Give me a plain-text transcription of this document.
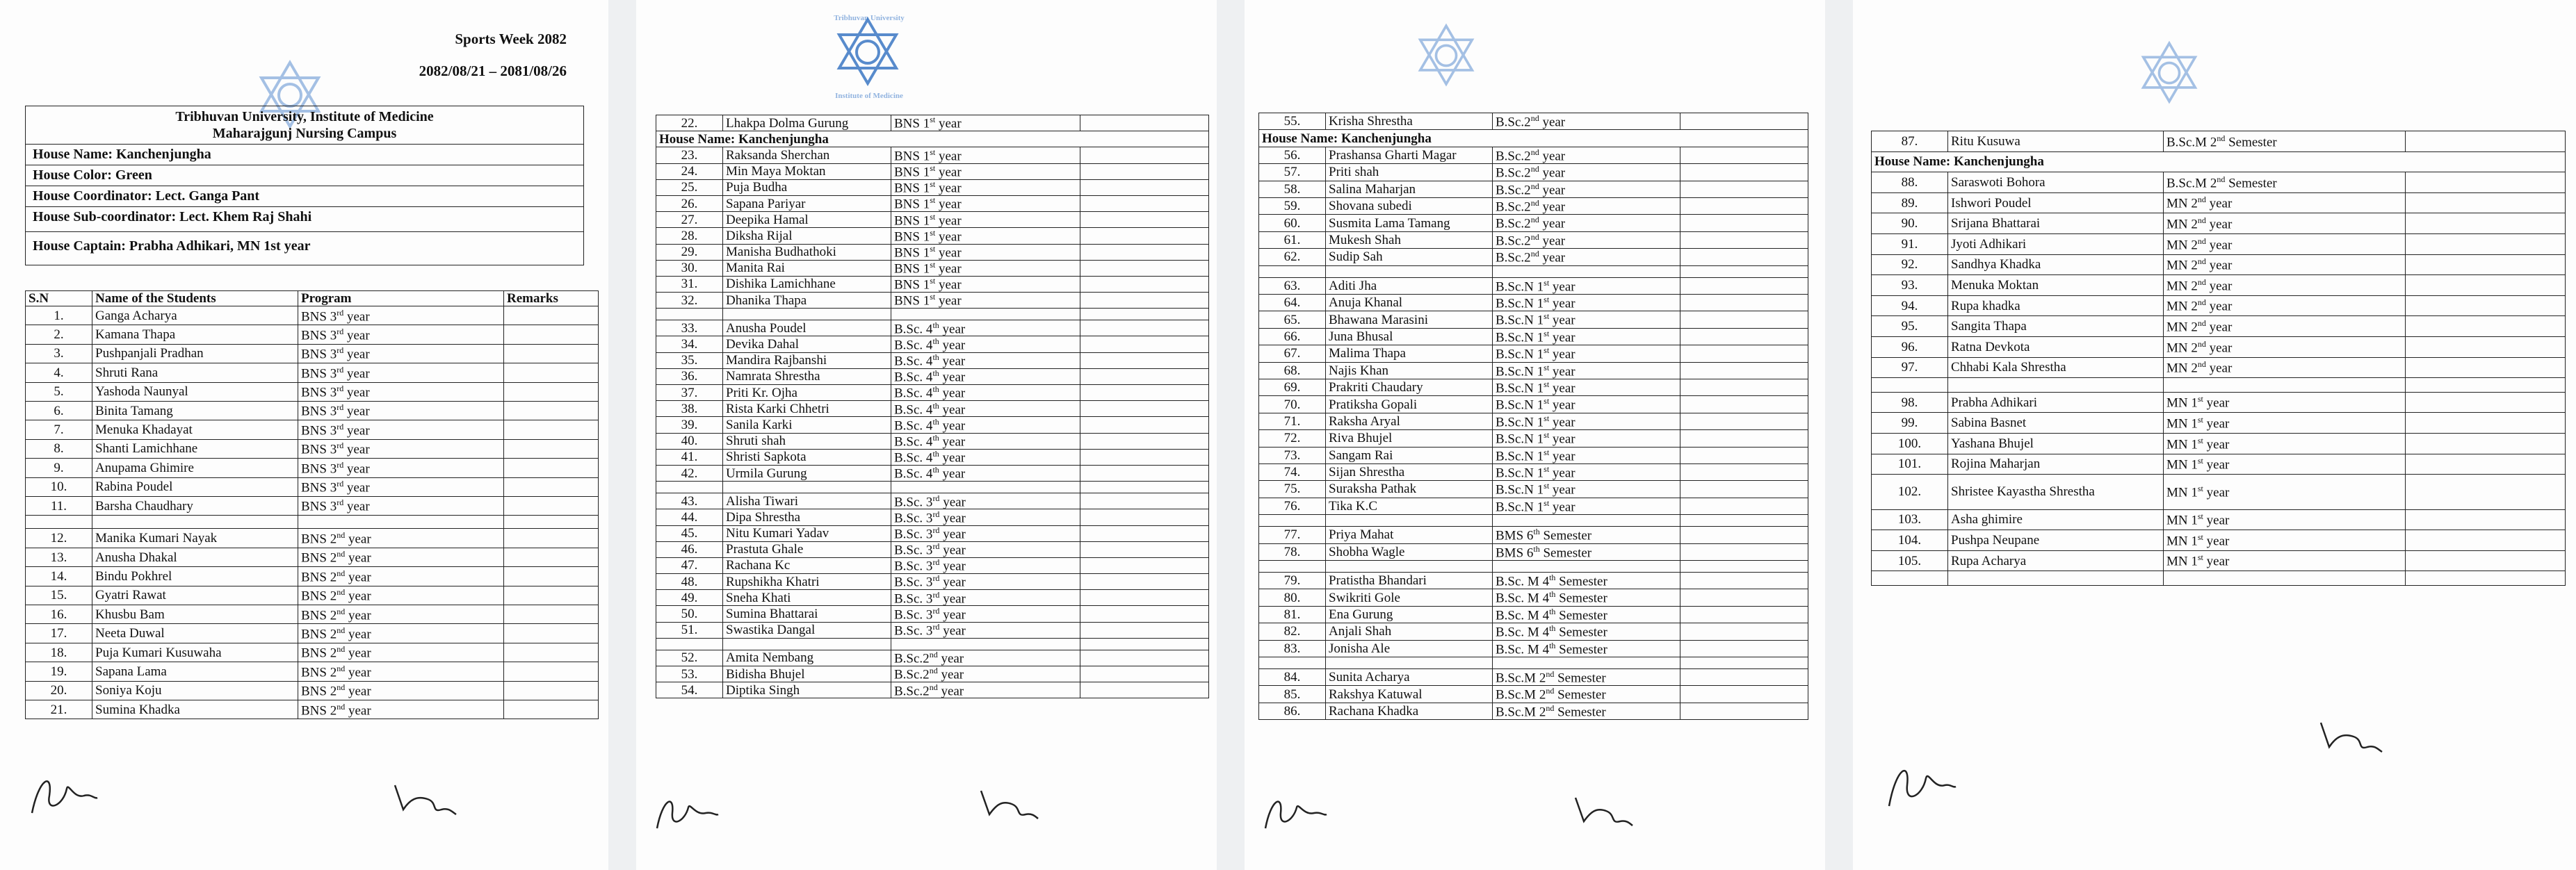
Sports Week 2082
2082/08/21 – 2081/08/26
Tribhuvan University, Institute of Medicine
Maharajgunj Nursing Campus
House Name: Kanchenjungha
House Color: Green
House Coordinator: Lect. Ganga Pant
House Sub-coordinator: Lect. Khem Raj Shahi
House Captain: Prabha Adhikari, MN 1st year
S.N	Name of the Students	Program	Remarks
1.	Ganga Acharya	BNS 3rd year	
2.	Kamana Thapa	BNS 3rd year	
3.	Pushpanjali Pradhan	BNS 3rd year	
4.	Shruti Rana	BNS 3rd year	
5.	Yashoda Naunyal	BNS 3rd year	
6.	Binita Tamang	BNS 3rd year	
7.	Menuka Khadayat	BNS 3rd year	
8.	Shanti Lamichhane	BNS 3rd year	
9.	Anupama Ghimire	BNS 3rd year	
10.	Rabina Poudel	BNS 3rd year	
11.	Barsha Chaudhary	BNS 3rd year	

12.	Manika Kumari Nayak	BNS 2nd year	
13.	Anusha Dhakal	BNS 2nd year	
14.	Bindu Pokhrel	BNS 2nd year	
15.	Gyatri Rawat	BNS 2nd year	
16.	Khusbu Bam	BNS 2nd year	
17.	Neeta Duwal	BNS 2nd year	
18.	Puja Kumari Kusuwaha	BNS 2nd year	
19.	Sapana Lama	BNS 2nd year	
20.	Soniya Koju	BNS 2nd year	
21.	Sumina Khadka	BNS 2nd year	
Tribhuvan University
Institute of Medicine
22.	Lhakpa Dolma Gurung	BNS 1st year	
House Name: Kanchenjungha			
23.	Raksanda Sherchan	BNS 1st year	
24.	Min Maya Moktan	BNS 1st year	
25.	Puja Budha	BNS 1st year	
26.	Sapana Pariyar	BNS 1st year	
27.	Deepika Hamal	BNS 1st year	
28.	Diksha Rijal	BNS 1st year	
29.	Manisha Budhathoki	BNS 1st year	
30.	Manita Rai	BNS 1st year	
31.	Dishika Lamichhane	BNS 1st year	
32.	Dhanika Thapa	BNS 1st year	

33.	Anusha Poudel	B.Sc. 4th year	
34.	Devika Dahal	B.Sc. 4th year	
35.	Mandira Rajbanshi	B.Sc. 4th year	
36.	Namrata Shrestha	B.Sc. 4th year	
37.	Priti Kr. Ojha	B.Sc. 4th year	
38.	Rista Karki Chhetri	B.Sc. 4th year	
39.	Sanila Karki	B.Sc. 4th year	
40.	Shruti shah	B.Sc. 4th year	
41.	Shristi Sapkota	B.Sc. 4th year	
42.	Urmila Gurung	B.Sc. 4th year	

43.	Alisha Tiwari	B.Sc. 3rd year	
44.	Dipa Shrestha	B.Sc. 3rd year	
45.	Nitu Kumari Yadav	B.Sc. 3rd year	
46.	Prastuta Ghale	B.Sc. 3rd year	
47.	Rachana Kc	B.Sc. 3rd year	
48.	Rupshikha Khatri	B.Sc. 3rd year	
49.	Sneha Khati	B.Sc. 3rd year	
50.	Sumina Bhattarai	B.Sc. 3rd year	
51.	Swastika Dangal	B.Sc. 3rd year	

52.	Amita Nembang	B.Sc.2nd year	
53.	Bidisha Bhujel	B.Sc.2nd year	
54.	Diptika Singh	B.Sc.2nd year	
55.	Krisha Shrestha	B.Sc.2nd year	
House Name: Kanchenjungha			
56.	Prashansa Gharti Magar	B.Sc.2nd year	
57.	Priti shah	B.Sc.2nd year	
58.	Salina Maharjan	B.Sc.2nd year	
59.	Shovana subedi	B.Sc.2nd year	
60.	Susmita Lama Tamang	B.Sc.2nd year	
61.	Mukesh Shah	B.Sc.2nd year	
62.	Sudip Sah	B.Sc.2nd year	

63.	Aditi Jha	B.Sc.N 1st year	
64.	Anuja Khanal	B.Sc.N 1st year	
65.	Bhawana Marasini	B.Sc.N 1st year	
66.	Juna Bhusal	B.Sc.N 1st year	
67.	Malima Thapa	B.Sc.N 1st year	
68.	Najis Khan	B.Sc.N 1st year	
69.	Prakriti Chaudary	B.Sc.N 1st year	
70.	Pratiksha Gopali	B.Sc.N 1st year	
71.	Raksha Aryal	B.Sc.N 1st year	
72.	Riva Bhujel	B.Sc.N 1st year	
73.	Sangam Rai	B.Sc.N 1st year	
74.	Sijan Shrestha	B.Sc.N 1st year	
75.	Suraksha Pathak	B.Sc.N 1st year	
76.	Tika K.C	B.Sc.N 1st year	

77.	Priya Mahat	BMS 6th Semester	
78.	Shobha Wagle	BMS 6th Semester	

79.	Pratistha Bhandari	B.Sc. M 4th Semester	
80.	Swikriti Gole	B.Sc. M 4th Semester	
81.	Ena Gurung	B.Sc. M 4th Semester	
82.	Anjali Shah	B.Sc. M 4th Semester	
83.	Jonisha Ale	B.Sc. M 4th Semester	

84.	Sunita Acharya	B.Sc.M 2nd Semester	
85.	Rakshya Katuwal	B.Sc.M 2nd Semester	
86.	Rachana Khadka	B.Sc.M 2nd Semester	
87.	Ritu Kusuwa	B.Sc.M 2nd Semester	
House Name: Kanchenjungha			
88.	Saraswoti Bohora	B.Sc.M 2nd Semester	
89.	Ishwori Poudel	MN 2nd year	
90.	Srijana Bhattarai	MN 2nd year	
91.	Jyoti Adhikari	MN 2nd year	
92.	Sandhya Khadka	MN 2nd year	
93.	Menuka Moktan	MN 2nd year	
94.	Rupa khadka	MN 2nd year	
95.	Sangita Thapa	MN 2nd year	
96.	Ratna Devkota	MN 2nd year	
97.	Chhabi Kala Shrestha	MN 2nd year	

98.	Prabha Adhikari	MN 1st year	
99.	Sabina Basnet	MN 1st year	
100.	Yashana Bhujel	MN 1st year	
101.	Rojina Maharjan	MN 1st year	
102.	Shristee Kayastha Shrestha	MN 1st year	
103.	Asha ghimire	MN 1st year	
104.	Pushpa Neupane	MN 1st year	
105.	Rupa Acharya	MN 1st year	
